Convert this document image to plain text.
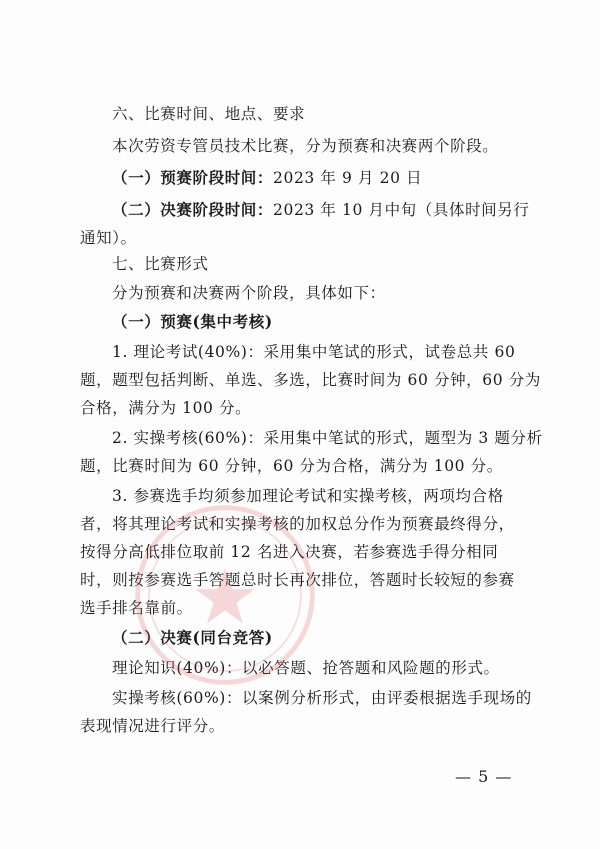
六、比赛时间、地点、要求
本次劳资专管员技术比赛，分为预赛和决赛两个阶段。
（一）预赛阶段时间：2023 年 9 月 20 日
（二）决赛阶段时间：2023 年 10 月中旬（具体时间另行
通知）。
七、比赛形式
分为预赛和决赛两个阶段，具体如下：
（一）预赛(集中考核)
1. 理论考试(40%)：采用集中笔试的形式，试卷总共 60
题，题型包括判断、单选、多选，比赛时间为 60 分钟，60 分为
合格，满分为 100 分。
2. 实操考核(60%)：采用集中笔试的形式，题型为 3 题分析
题，比赛时间为 60 分钟，60 分为合格，满分为 100 分。
3. 参赛选手均须参加理论考试和实操考核，两项均合格
者，将其理论考试和实操考核的加权总分作为预赛最终得分，
按得分高低排位取前 12 名进入决赛，若参赛选手得分相同
时，则按参赛选手答题总时长再次排位，答题时长较短的参赛
选手排名靠前。
（二）决赛(同台竞答)
理论知识(40%)：以必答题、抢答题和风险题的形式。
实操考核(60%)：以案例分析形式，由评委根据选手现场的
表现情况进行评分。
— 5 —
